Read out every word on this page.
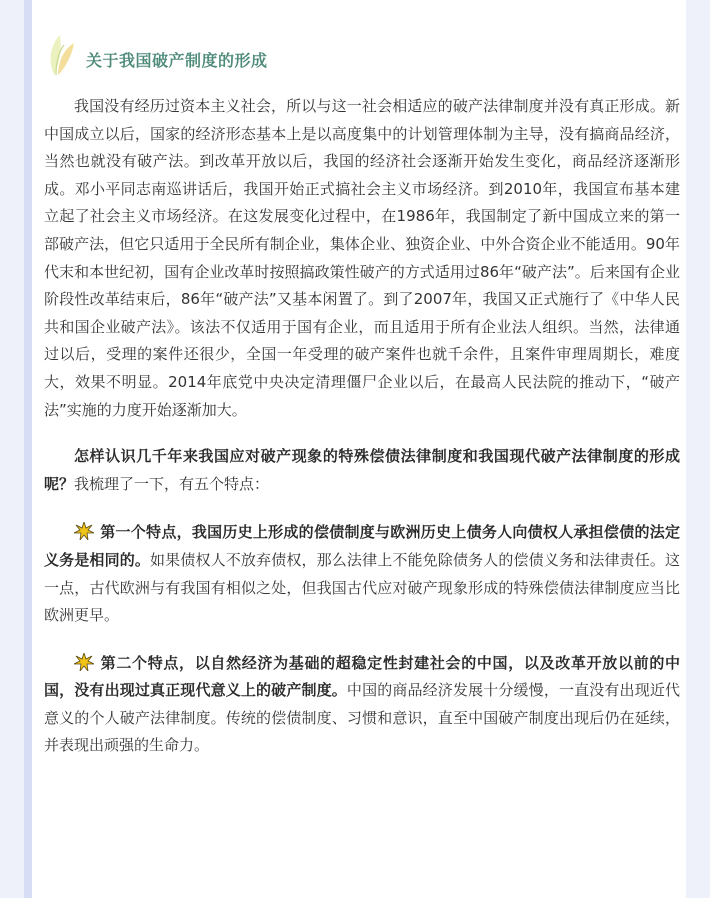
关于我国破产制度的形成

我国没有经历过资本主义社会，所以与这一社会相适应的破产法律制度并没有真正形成。新中国成立以后，国家的经济形态基本上是以高度集中的计划管理体制为主导，没有搞商品经济，当然也就没有破产法。到改革开放以后，我国的经济社会逐渐开始发生变化，商品经济逐渐形成。邓小平同志南巡讲话后，我国开始正式搞社会主义市场经济。到2010年，我国宣布基本建立起了社会主义市场经济。在这发展变化过程中，在1986年，我国制定了新中国成立来的第一部破产法，但它只适用于全民所有制企业，集体企业、独资企业、中外合资企业不能适用。90年代末和本世纪初，国有企业改革时按照搞政策性破产的方式适用过86年“破产法”。后来国有企业阶段性改革结束后，86年“破产法”又基本闲置了。到了2007年，我国又正式施行了《中华人民共和国企业破产法》。该法不仅适用于国有企业，而且适用于所有企业法人组织。当然，法律通过以后，受理的案件还很少，全国一年受理的破产案件也就千余件，且案件审理周期长，难度大，效果不明显。2014年底党中央决定清理僵尸企业以后，在最高人民法院的推动下，“破产法”实施的力度开始逐渐加大。

怎样认识几千年来我国应对破产现象的特殊偿债法律制度和我国现代破产法律制度的形成呢？我梳理了一下，有五个特点：

第一个特点，我国历史上形成的偿债制度与欧洲历史上债务人向债权人承担偿债的法定义务是相同的。如果债权人不放弃债权，那么法律上不能免除债务人的偿债义务和法律责任。这一点，古代欧洲与有我国有相似之处，但我国古代应对破产现象形成的特殊偿债法律制度应当比欧洲更早。

第二个特点，以自然经济为基础的超稳定性封建社会的中国，以及改革开放以前的中国，没有出现过真正现代意义上的破产制度。中国的商品经济发展十分缓慢，一直没有出现近代意义的个人破产法律制度。传统的偿债制度、习惯和意识，直至中国破产制度出现后仍在延续，并表现出顽强的生命力。
